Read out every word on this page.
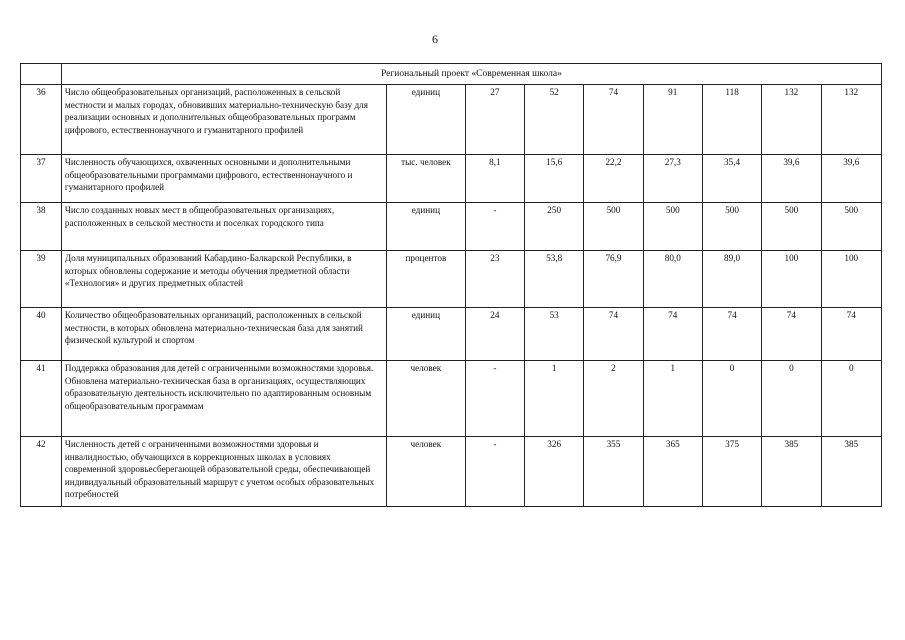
6
	Региональный проект «Современная школа»								
36	Число общеобразовательных организаций, расположенных в сельской местности и малых городах, обновивших материально-техническую базу для реализации основных и дополнительных общеобразовательных программ цифрового, естественнонаучного и гуманитарного профилей	единиц	27	52	74	91	118	132	132
37	Численность обучающихся, охваченных основными и дополнительными общеобразовательными программами цифрового, естественнонаучного и гуманитарного профилей	тыс. человек	8,1	15,6	22,2	27,3	35,4	39,6	39,6
38	Число созданных новых мест в общеобразовательных организациях, расположенных в сельской местности и поселках городского типа	единиц	-	250	500	500	500	500	500
39	Доля муниципальных образований Кабардино-Балкарской Республики, в которых обновлены содержание и методы обучения предметной области «Технология» и других предметных областей	процентов	23	53,8	76,9	80,0	89,0	100	100
40	Количество общеобразовательных организаций, расположенных в сельской местности, в которых обновлена материально-техническая база для занятий физической культурой и спортом	единиц	24	53	74	74	74	74	74
41	Поддержка образования для детей с ограниченными возможностями здоровья. Обновлена материально-техническая база в организациях, осуществляющих образовательную деятельность исключительно по адаптированным основным общеобразовательным программам	человек	-	1	2	1	0	0	0
42	Численность детей с ограниченными возможностями здоровья и инвалидностью, обучающихся в коррекционных школах в условиях современной здоровьесберегающей образовательной среды, обеспечивающей индивидуальный образовательный маршрут с учетом особых образовательных потребностей	человек	-	326	355	365	375	385	385
